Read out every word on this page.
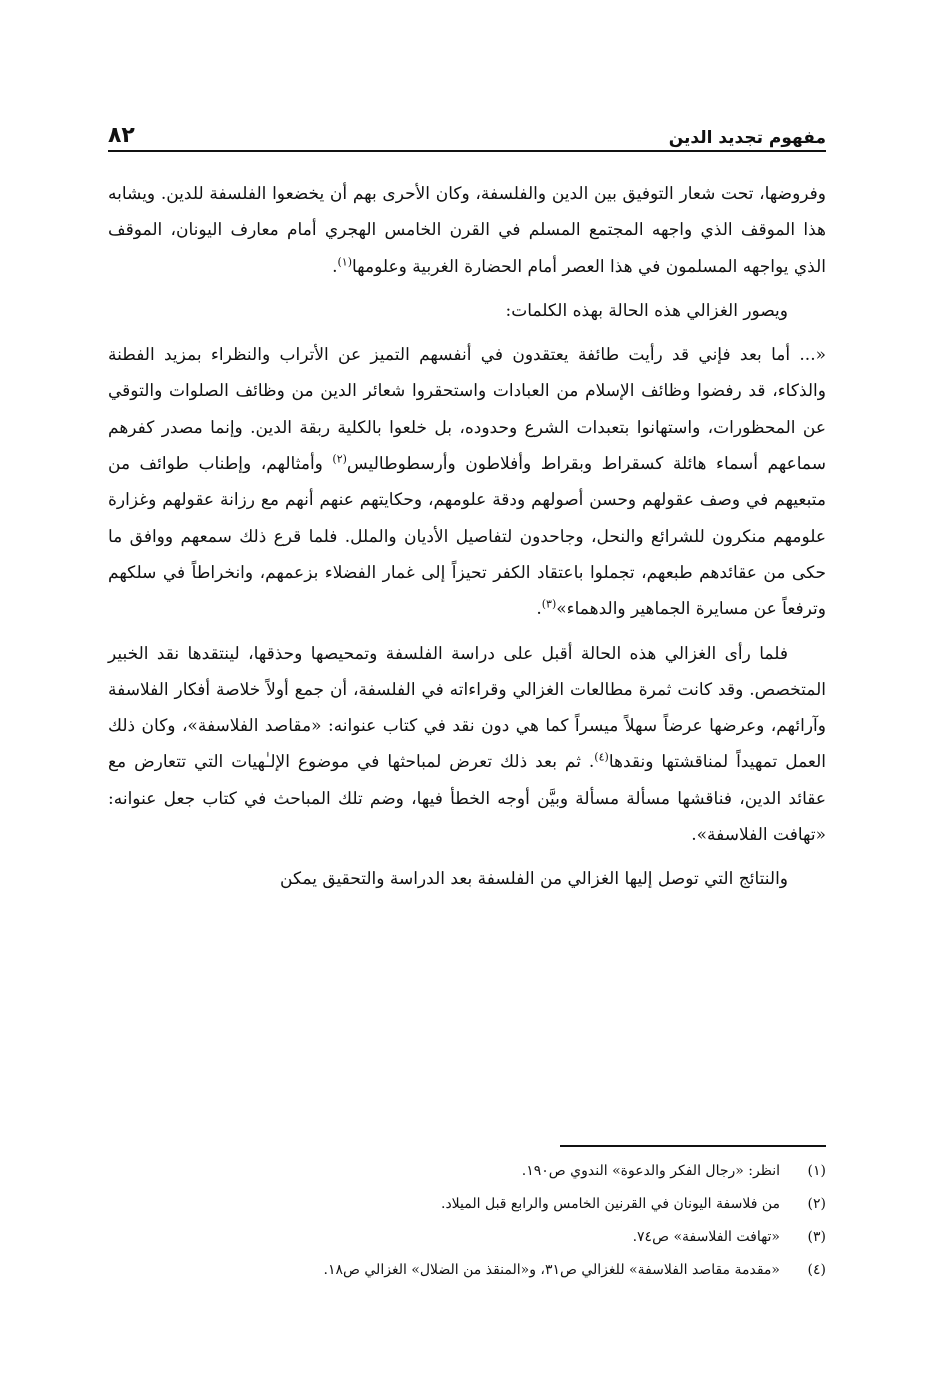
مفهوم تجديد الدين
٨٢

وفروضها، تحت شعار التوفيق بين الدين والفلسفة، وكان الأحرى بهم أن يخضعوا الفلسفة للدين. ويشابه هذا الموقف الذي واجهه المجتمع المسلم في القرن الخامس الهجري أمام معارف اليونان، الموقف الذي يواجهه المسلمون في هذا العصر أمام الحضارة الغربية وعلومها$^{(١)}$.

ويصور الغزالي هذه الحالة بهذه الكلمات:

«... أما بعد فإني قد رأيت طائفة يعتقدون في أنفسهم التميز عن الأتراب والنظراء بمزيد الفطنة والذكاء، قد رفضوا وظائف الإسلام من العبادات واستحقروا شعائر الدين من وظائف الصلوات والتوقي عن المحظورات، واستهانوا بتعبدات الشرع وحدوده، بل خلعوا بالكلية ربقة الدين. وإنما مصدر كفرهم سماعهم أسماء هائلة كسقراط وبقراط وأفلاطون وأرسطوطاليس$^{(٢)}$ وأمثالهم، وإطناب طوائف من متبعيهم في وصف عقولهم وحسن أصولهم ودقة علومهم، وحكايتهم عنهم أنهم مع رزانة عقولهم وغزارة علومهم منكرون للشرائع والنحل، وجاحدون لتفاصيل الأديان والملل. فلما قرع ذلك سمعهم ووافق ما حكى من عقائدهم طبعهم، تجملوا باعتقاد الكفر تحيزاً إلى غمار الفضلاء بزعمهم، وانخراطاً في سلكهم وترفعاً عن مسايرة الجماهير والدهماء»$^{(٣)}$.

فلما رأى الغزالي هذه الحالة أقبل على دراسة الفلسفة وتمحيصها وحذقها، لينتقدها نقد الخبير المتخصص. وقد كانت ثمرة مطالعات الغزالي وقراءاته في الفلسفة، أن جمع أولاً خلاصة أفكار الفلاسفة وآرائهم، وعرضها عرضاً سهلاً ميسراً كما هي دون نقد في كتاب عنوانه: «مقاصد الفلاسفة»، وكان ذلك العمل تمهيداً لمناقشتها ونقدها$^{(٤)}$. ثم بعد ذلك تعرض لمباحثها في موضوع الإلـٰهيات التي تتعارض مع عقائد الدين، فناقشها مسألة مسألة وبيَّن أوجه الخطأ فيها، وضم تلك المباحث في كتاب جعل عنوانه: «تهافت الفلاسفة».

والنتائج التي توصل إليها الغزالي من الفلسفة بعد الدراسة والتحقيق يمكن

(١)
انظر: «رجال الفكر والدعوة» الندوي ص١٩٠.
(٢)
من فلاسفة اليونان في القرنين الخامس والرابع قبل الميلاد.
(٣)
«تهافت الفلاسفة» ص٧٤.
(٤)
«مقدمة مقاصد الفلاسفة» للغزالي ص٣١، و«المنقذ من الضلال» الغزالي ص١٨.
